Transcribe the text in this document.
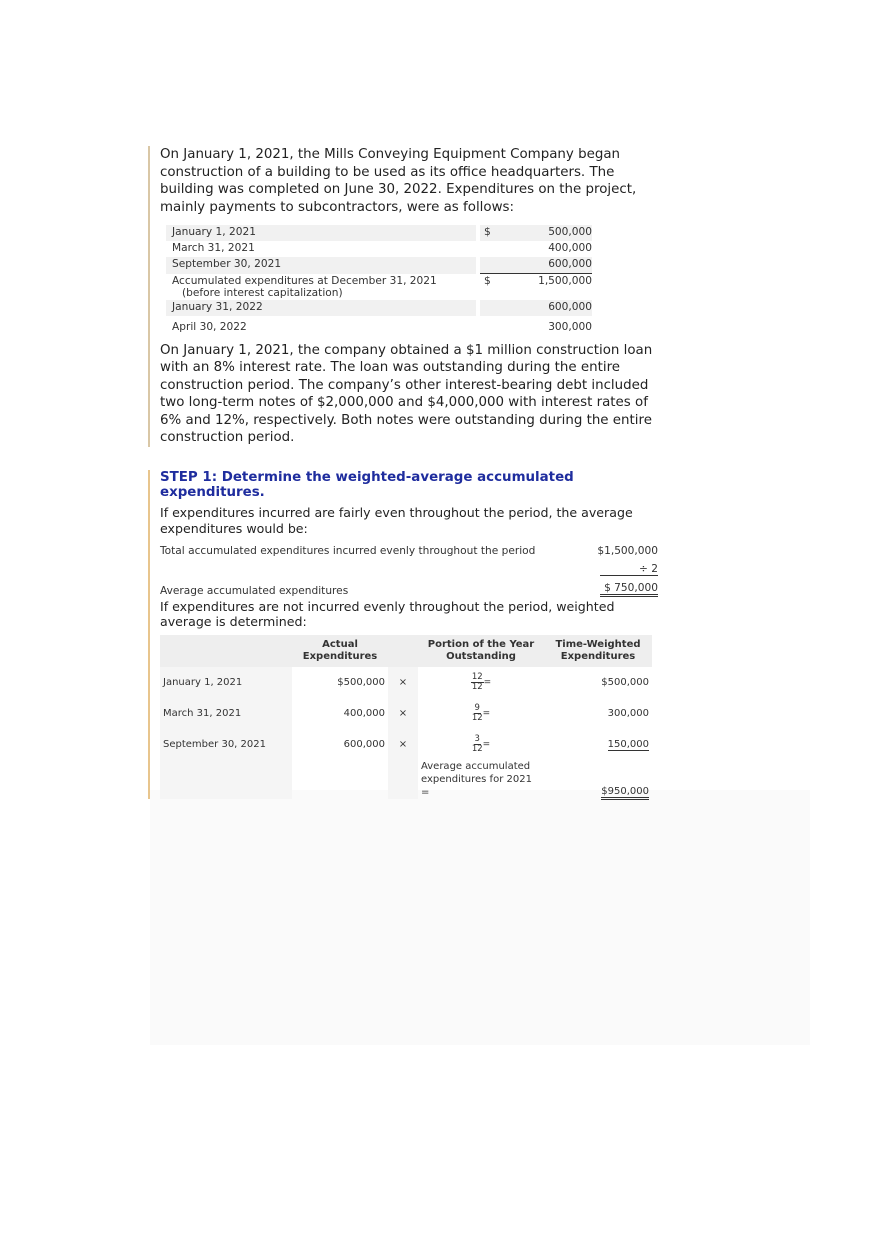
On January 1, 2021, the Mills Conveying Equipment Company began construction of a building to be used as its office headquarters. The building was completed on June 30, 2022. Expenditures on the project, mainly payments to subcontractors, were as follows:

January 1, 2021		$	500,000
March 31, 2021			400,000
September 30, 2021			600,000

Accumulated expenditures at December 31, 2021
(before interest capitalization)		$	1,500,000
January 31, 2022			600,000
April 30, 2022			300,000

On January 1, 2021, the company obtained a $1 million construction loan with an 8% interest rate. The loan was outstanding during the entire construction period. The company’s other interest-bearing debt included two long-term notes of $2,000,000 and $4,000,000 with interest rates of 6% and 12%, respectively. Both notes were outstanding during the entire construction period.

STEP 1: Determine the weighted-average accumulated expenditures.

If expenditures incurred are fairly even throughout the period, the average expenditures would be:

Total accumulated expenditures incurred evenly throughout the period	$1,500,000
÷ 2
Average accumulated expenditures	$ 750,000

If expenditures are not incurred evenly throughout the period, weighted average is determined:

	Actual Expenditures		Portion of the Year Outstanding	Time-Weighted Expenditures
January 1, 2021	$500,000	×	$\frac{12}{12}$ =	$500,000
March 31, 2021	400,000	×	$\frac{9}{12}$ =	300,000
September 30, 2021	600,000	×	$\frac{3}{12}$ =	150,000
			Average accumulated expenditures for 2021 =	$950,000
